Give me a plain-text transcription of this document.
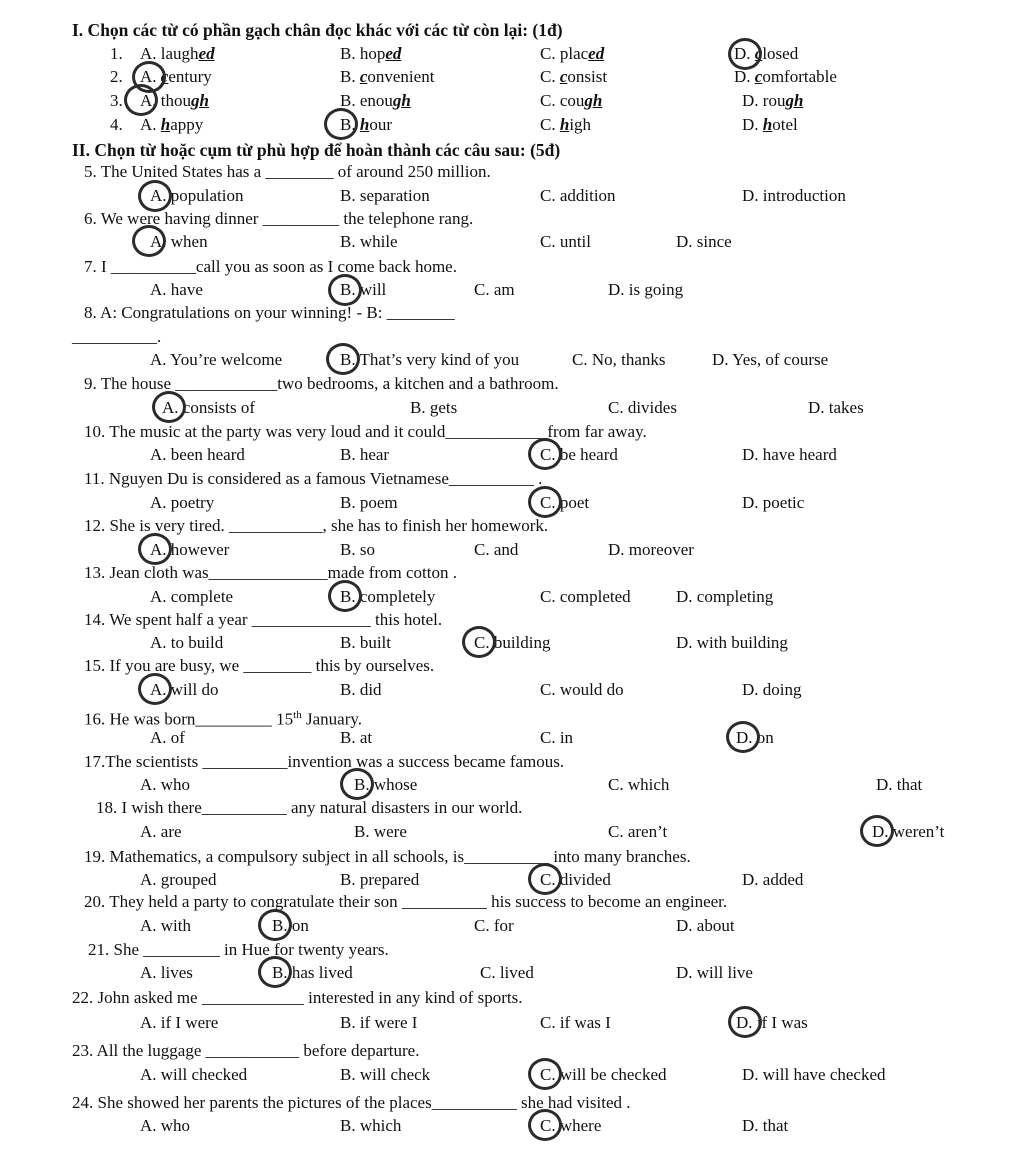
I. Chọn các từ có phần gạch chân đọc khác với các từ còn lại: (1đ)
1. A. laughed	B. hoped	C. placed	D. closed
2. A. century	B. convenient	C. consist	D. comfortable
3. A. though	B. enough	C. cough	D. rough
4. A. happy	B. hour	C. high	D. hotel
II. Chọn từ hoặc cụm từ phù hợp để hoàn thành các câu sau: (5đ)
5. The United States has a ________ of around 250 million.
A. population	B. separation	C. addition	D. introduction
6. We were having dinner _________ the telephone rang.
A. when	B. while	C. until	D. since
7. I __________call you as soon as I come back home.
A. have	B. will	C. am	D. is going
8. A: Congratulations on your winning! - B: ________
__________.
A. You’re welcome	B. That’s very kind of you	C. No, thanks	D. Yes, of course
9. The house ____________two bedrooms, a kitchen and a bathroom.
A. consists of	B. gets	C. divides	D. takes
10. The music at the party was very loud and it could____________from far away.
A. been heard	B. hear	C. be heard	D. have heard
11. Nguyen Du is considered as a famous Vietnamese__________ .
A. poetry	B. poem	C. poet	D. poetic
12. She is very tired. ___________, she has to finish her homework.
A. however	B. so	C. and	D. moreover
13. Jean cloth was______________made from cotton .
A. complete	B. completely	C. completed	D. completing
14. We spent half a year ______________ this hotel.
A. to build	B. built	C. building	D. with building
15. If you are busy, we ________ this by ourselves.
A. will do	B. did	C. would do	D. doing
16. He was born_________ 15th January.
A. of	B. at	C. in	D. on
17.The scientists __________invention was a success became famous.
A. who	B. whose	C. which	D. that
18. I wish there__________ any natural disasters in our world.
A. are	B. were	C. aren’t	D. weren’t
19. Mathematics, a compulsory subject in all schools, is__________ into many branches.
A. grouped	B. prepared	C. divided	D. added
20. They held a party to congratulate their son __________ his success to become an engineer.
A. with	B. on	C. for	D. about
21. She _________ in Hue for twenty years.
A. lives	B. has lived	C. lived	D. will live
22. John asked me ____________ interested in any kind of sports.
A. if I were	B. if were I	C. if was I	D. if I was
23. All the luggage ___________ before departure.
A. will checked	B. will check	C. will be checked	D. will have checked
24. She showed her parents the pictures of the places__________ she had visited .
A. who	B. which	C. where	D. that
